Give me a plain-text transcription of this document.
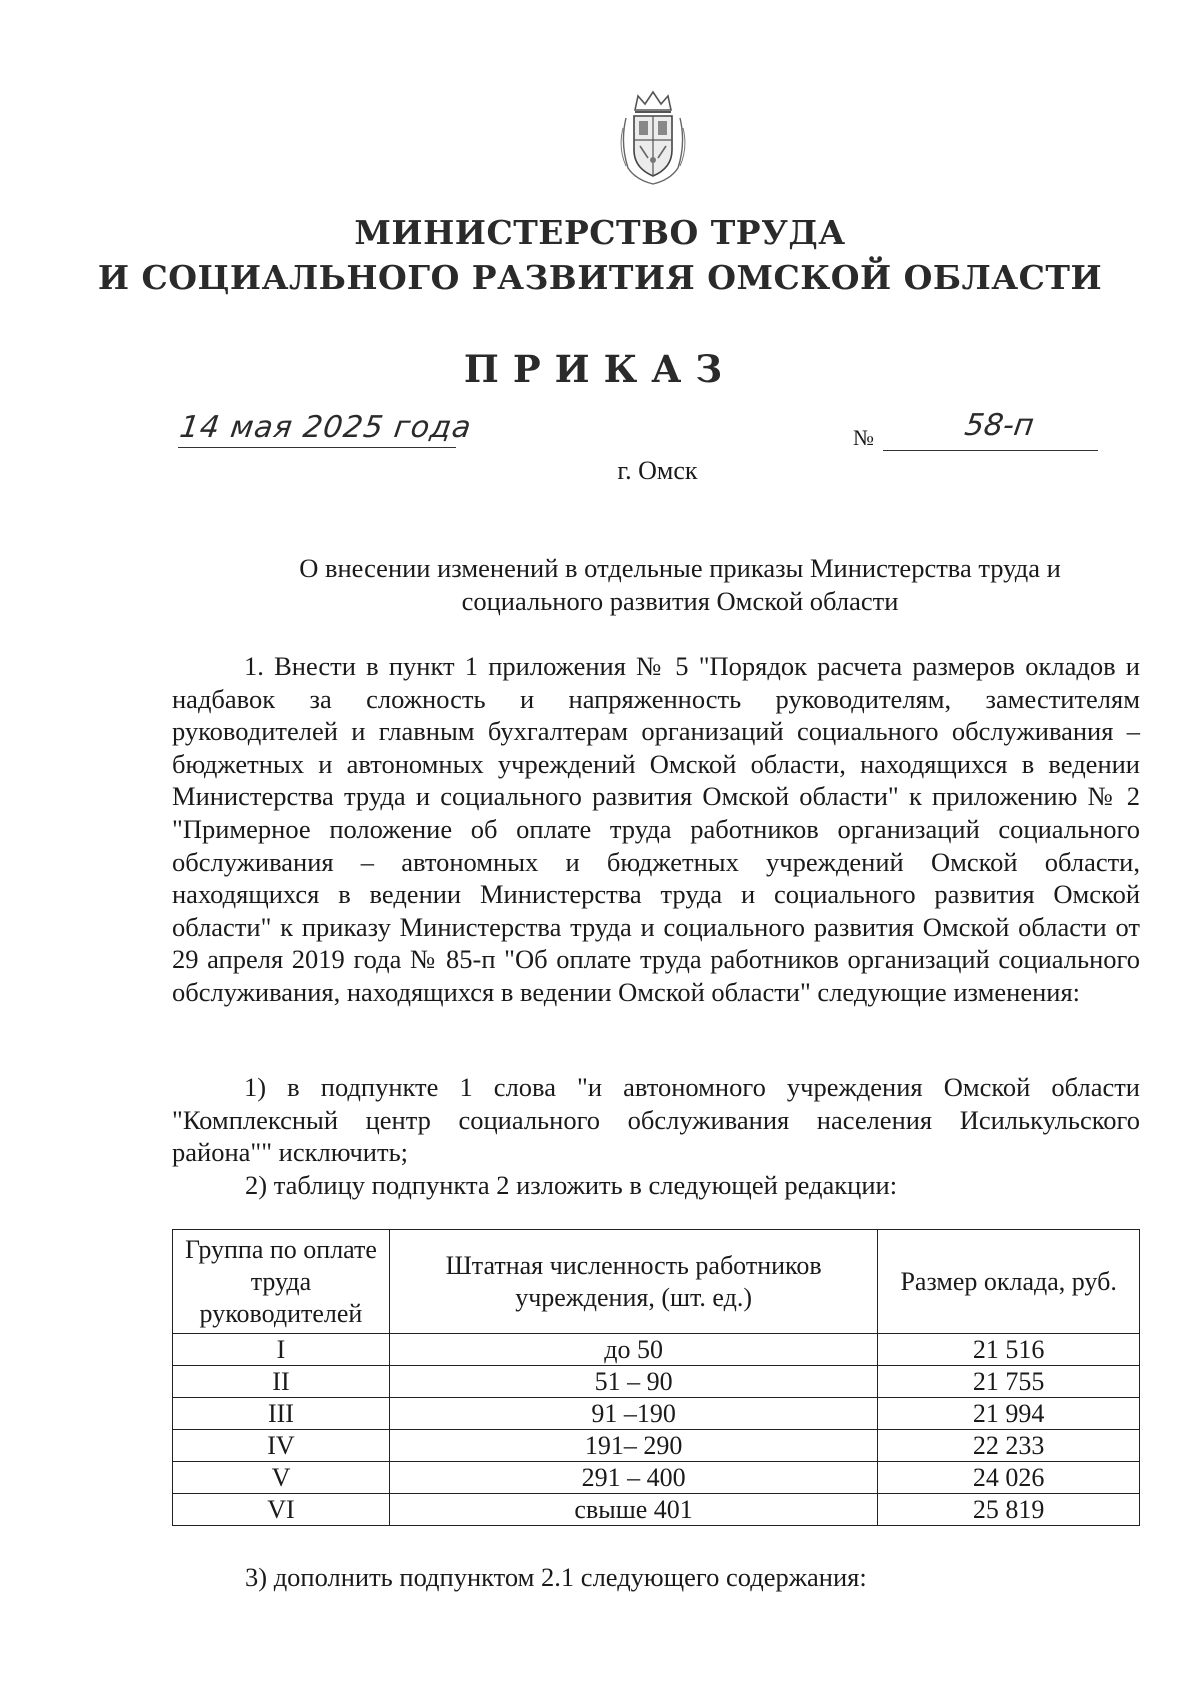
МИНИСТЕРСТВО ТРУДА
И СОЦИАЛЬНОГО РАЗВИТИЯ ОМСКОЙ ОБЛАСТИ
ПРИКАЗ
14 мая 2025 года	№	58-п
г. Омск
О внесении изменений в отдельные приказы Министерства труда и социального развития Омской области
1. Внести в пункт 1 приложения № 5 "Порядок расчета размеров окладов и надбавок за сложность и напряженность руководителям, заместителям руководителей и главным бухгалтерам организаций социального обслуживания – бюджетных и автономных учреждений Омской области, находящихся в ведении Министерства труда и социального развития Омской области" к приложению № 2 "Примерное положение об оплате труда работников организаций социального обслуживания – автономных и бюджетных учреждений Омской области, находящихся в ведении Министерства труда и социального развития Омской области" к приказу Министерства труда и социального развития Омской области от 29 апреля 2019 года № 85-п "Об оплате труда работников организаций социального обслуживания, находящихся в ведении Омской области" следующие изменения:
1) в подпункте 1 слова "и автономного учреждения Омской области "Комплексный центр социального обслуживания населения Исилькульского района"" исключить;
2) таблицу подпункта 2 изложить в следующей редакции:
Группа по оплате труда руководителей	Штатная численность работников учреждения, (шт. ед.)	Размер оклада, руб.
I	до 50	21 516
II	51 – 90	21 755
III	91 –190	21 994
IV	191– 290	22 233
V	291 – 400	24 026
VI	свыше 401	25 819
3) дополнить подпунктом 2.1 следующего содержания:
